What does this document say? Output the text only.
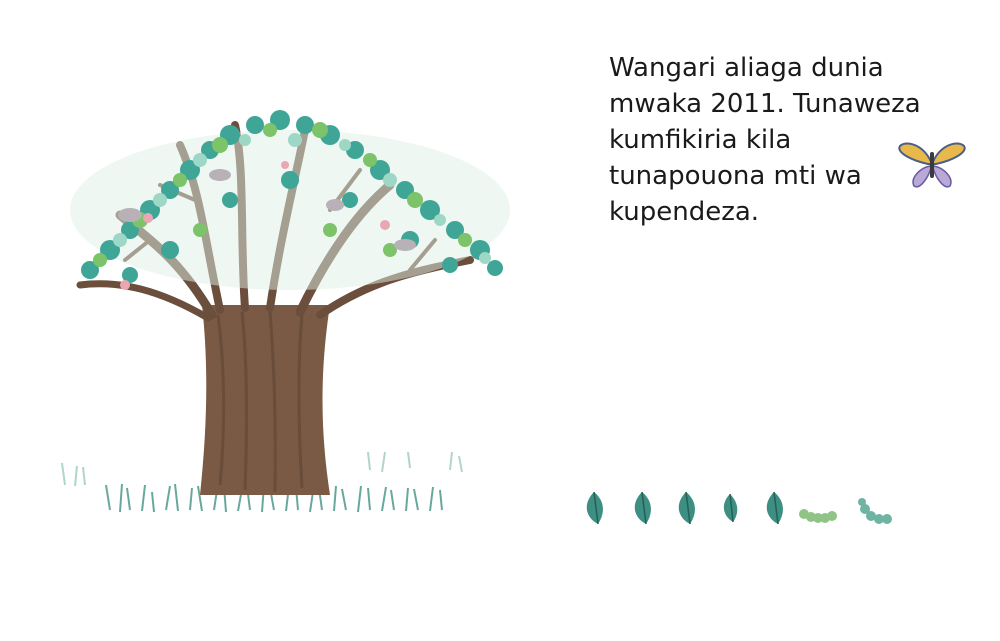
Wangari aliaga dunia

mwaka 2011. Tunaweza

kumfikiria kila

tunapouona mti wa

kupendeza.
